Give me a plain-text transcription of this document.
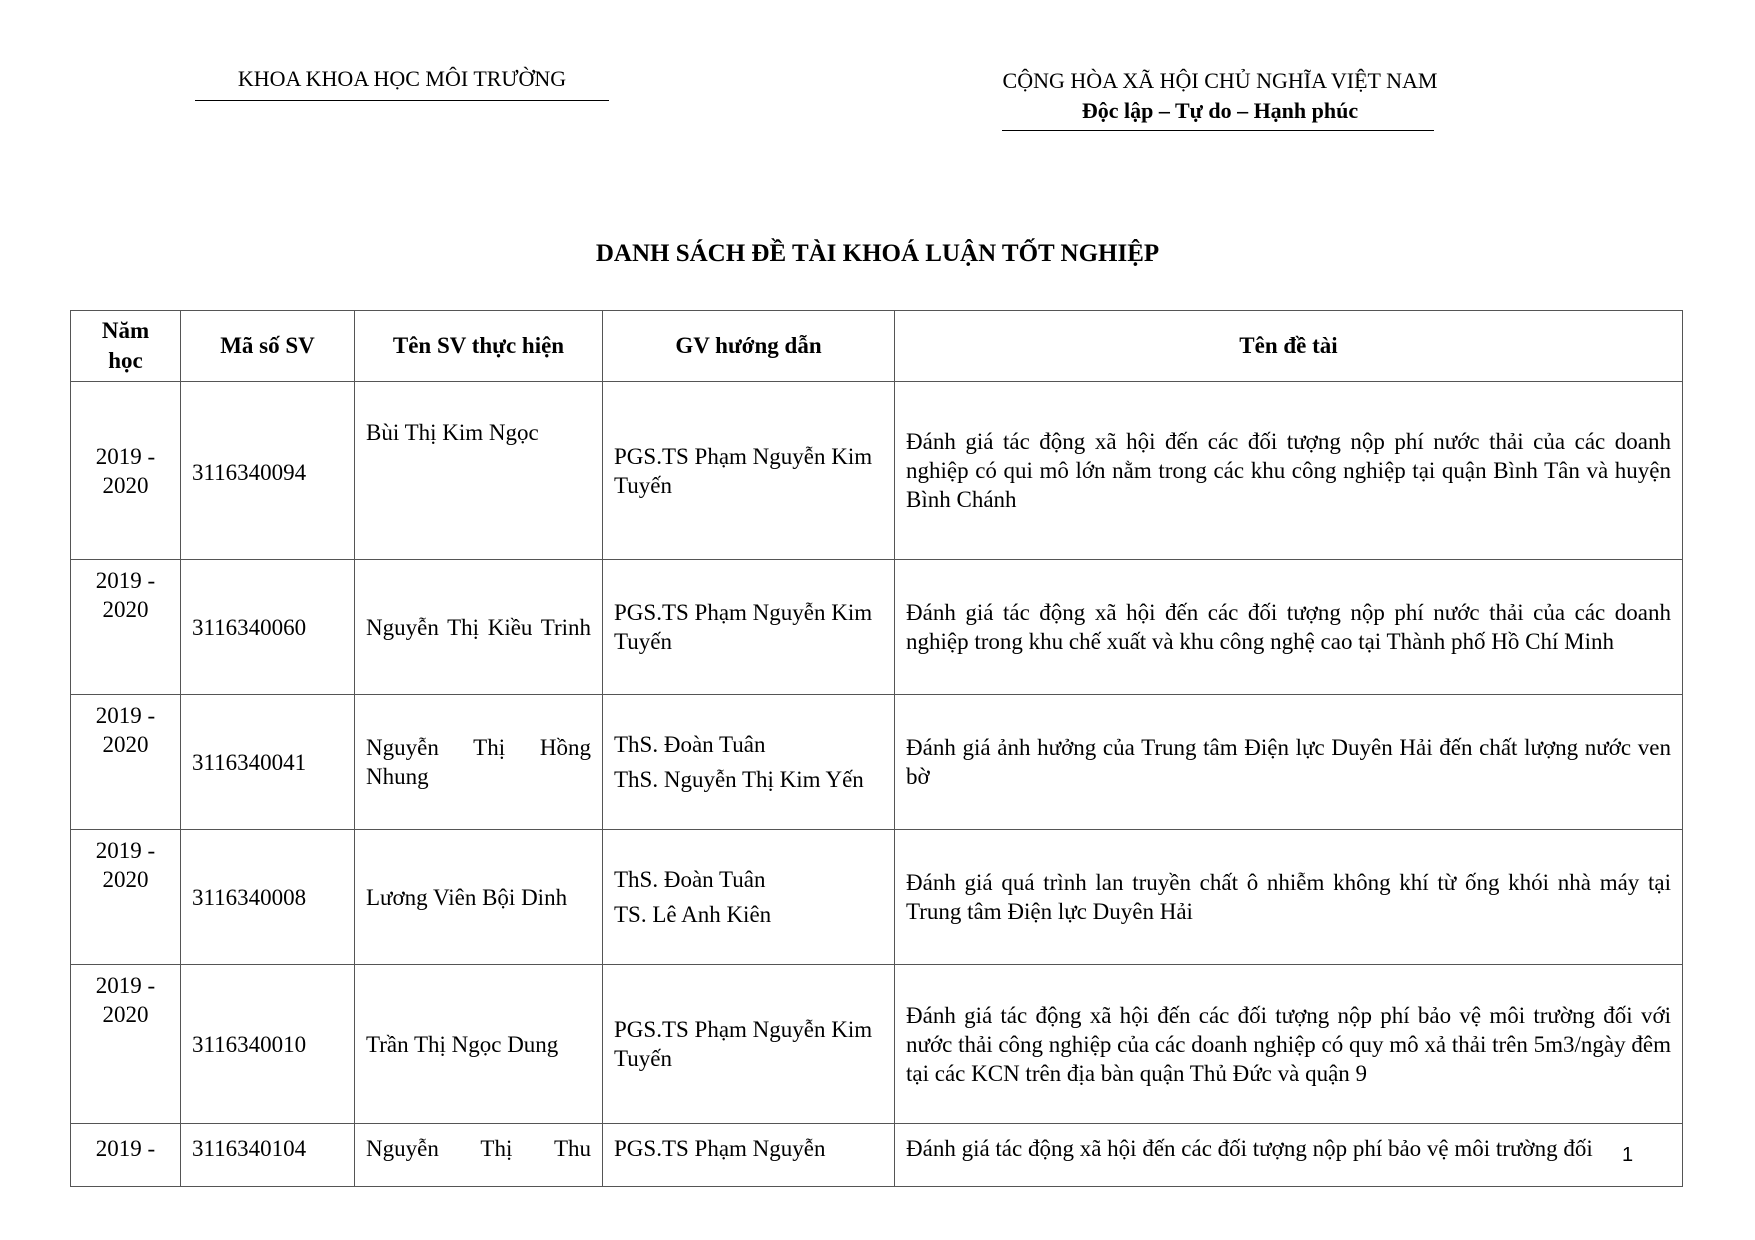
KHOA KHOA HỌC MÔI TRƯỜNG	CỘNG HÒA XÃ HỘI CHỦ NGHĨA VIỆT NAM
Độc lập – Tự do – Hạnh phúc
DANH SÁCH ĐỀ TÀI KHOÁ LUẬN TỐT NGHIỆP
Năm
học	Mã số SV	Tên SV thực hiện	GV hướng dẫn	Tên đề tài

2019 -
2020	3116340094	Bùi Thị Kim Ngọc	PGS.TS Phạm Nguyễn Kim Tuyến	Đánh giá tác động xã hội đến các đối tượng nộp phí nước thải của các doanh nghiệp có qui mô lớn nằm trong các khu công nghiệp tại quận Bình Tân và huyện Bình Chánh

2019 -
2020	3116340060	Nguyễn Thị Kiều Trinh	PGS.TS Phạm Nguyễn Kim Tuyến	Đánh giá tác động xã hội đến các đối tượng nộp phí nước thải của các doanh nghiệp trong khu chế xuất và khu công nghệ cao tại Thành phố Hồ Chí Minh

2019 -
2020	3116340041	Nguyễn Thị Hồng Nhung	ThS. Đoàn Tuân
ThS. Nguyễn Thị Kim Yến	Đánh giá ảnh hưởng của Trung tâm Điện lực Duyên Hải đến chất lượng nước ven bờ

2019 -
2020	3116340008	Lương Viên Bội Dinh	ThS. Đoàn Tuân
TS. Lê Anh Kiên	Đánh giá quá trình lan truyền chất ô nhiễm không khí từ ống khói nhà máy tại Trung tâm Điện lực Duyên Hải

2019 -
2020	3116340010	Trần Thị Ngọc Dung	PGS.TS Phạm Nguyễn Kim Tuyến	Đánh giá tác động xã hội đến các đối tượng nộp phí bảo vệ môi trường đối với nước thải công nghiệp của các doanh nghiệp có quy mô xả thải trên 5m3/ngày đêm tại các KCN trên địa bàn quận Thủ Đức và quận 9
2019 -	3116340104	Nguyễn Thị Thu	PGS.TS Phạm Nguyễn	Đánh giá tác động xã hội đến các đối tượng nộp phí bảo vệ môi trường đối 1
